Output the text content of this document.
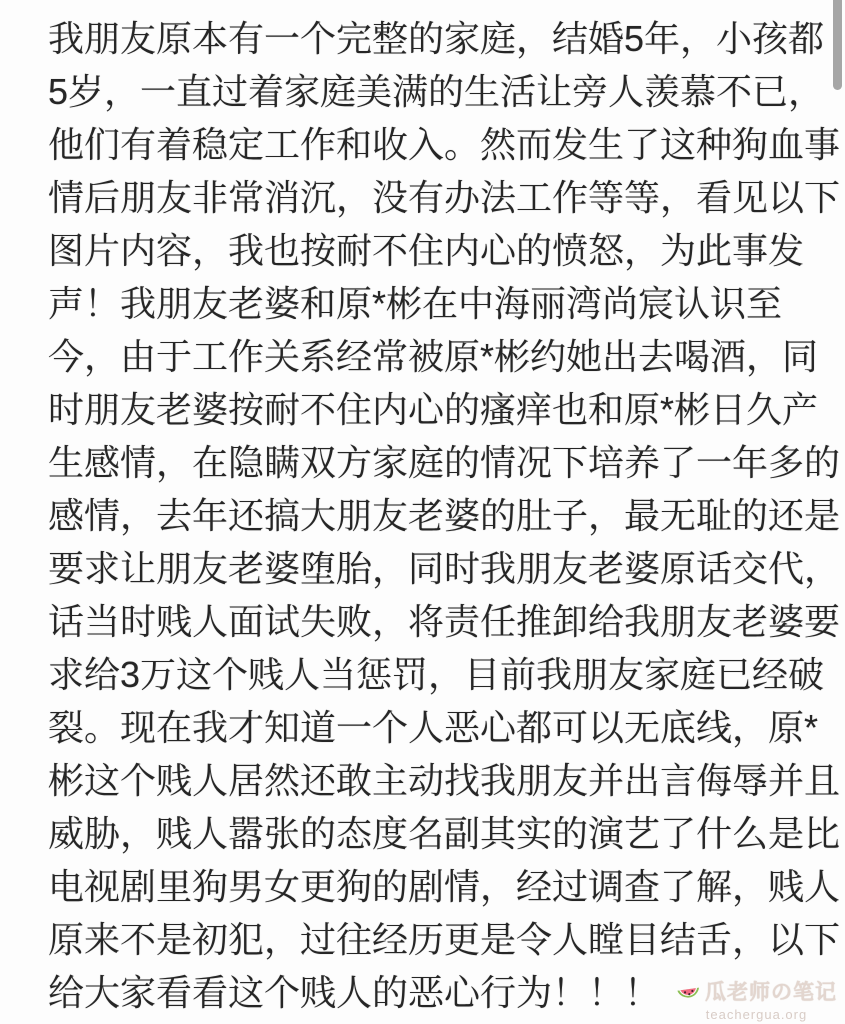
我朋友原本有一个完整的家庭，结婚5年，小孩都
5岁，一直过着家庭美满的生活让旁人羡慕不已，
他们有着稳定工作和收入。然而发生了这种狗血事
情后朋友非常消沉，没有办法工作等等，看见以下
图片内容，我也按耐不住内心的愤怒，为此事发
声！我朋友老婆和原*彬在中海丽湾尚宸认识至
今，由于工作关系经常被原*彬约她出去喝酒，同
时朋友老婆按耐不住内心的瘙痒也和原*彬日久产
生感情，在隐瞒双方家庭的情况下培养了一年多的
感情，去年还搞大朋友老婆的肚子，最无耻的还是
要求让朋友老婆堕胎，同时我朋友老婆原话交代，
话当时贱人面试失败，将责任推卸给我朋友老婆要
求给3万这个贱人当惩罚，目前我朋友家庭已经破
裂。现在我才知道一个人恶心都可以无底线，原*
彬这个贱人居然还敢主动找我朋友并出言侮辱并且
威胁，贱人嚣张的态度名副其实的演艺了什么是比
电视剧里狗男女更狗的剧情，经过调查了解，贱人
原来不是初犯，过往经历更是令人瞠目结舌，以下
给大家看看这个贱人的恶心行为！！！	瓜老师の笔记
teachergua.org
